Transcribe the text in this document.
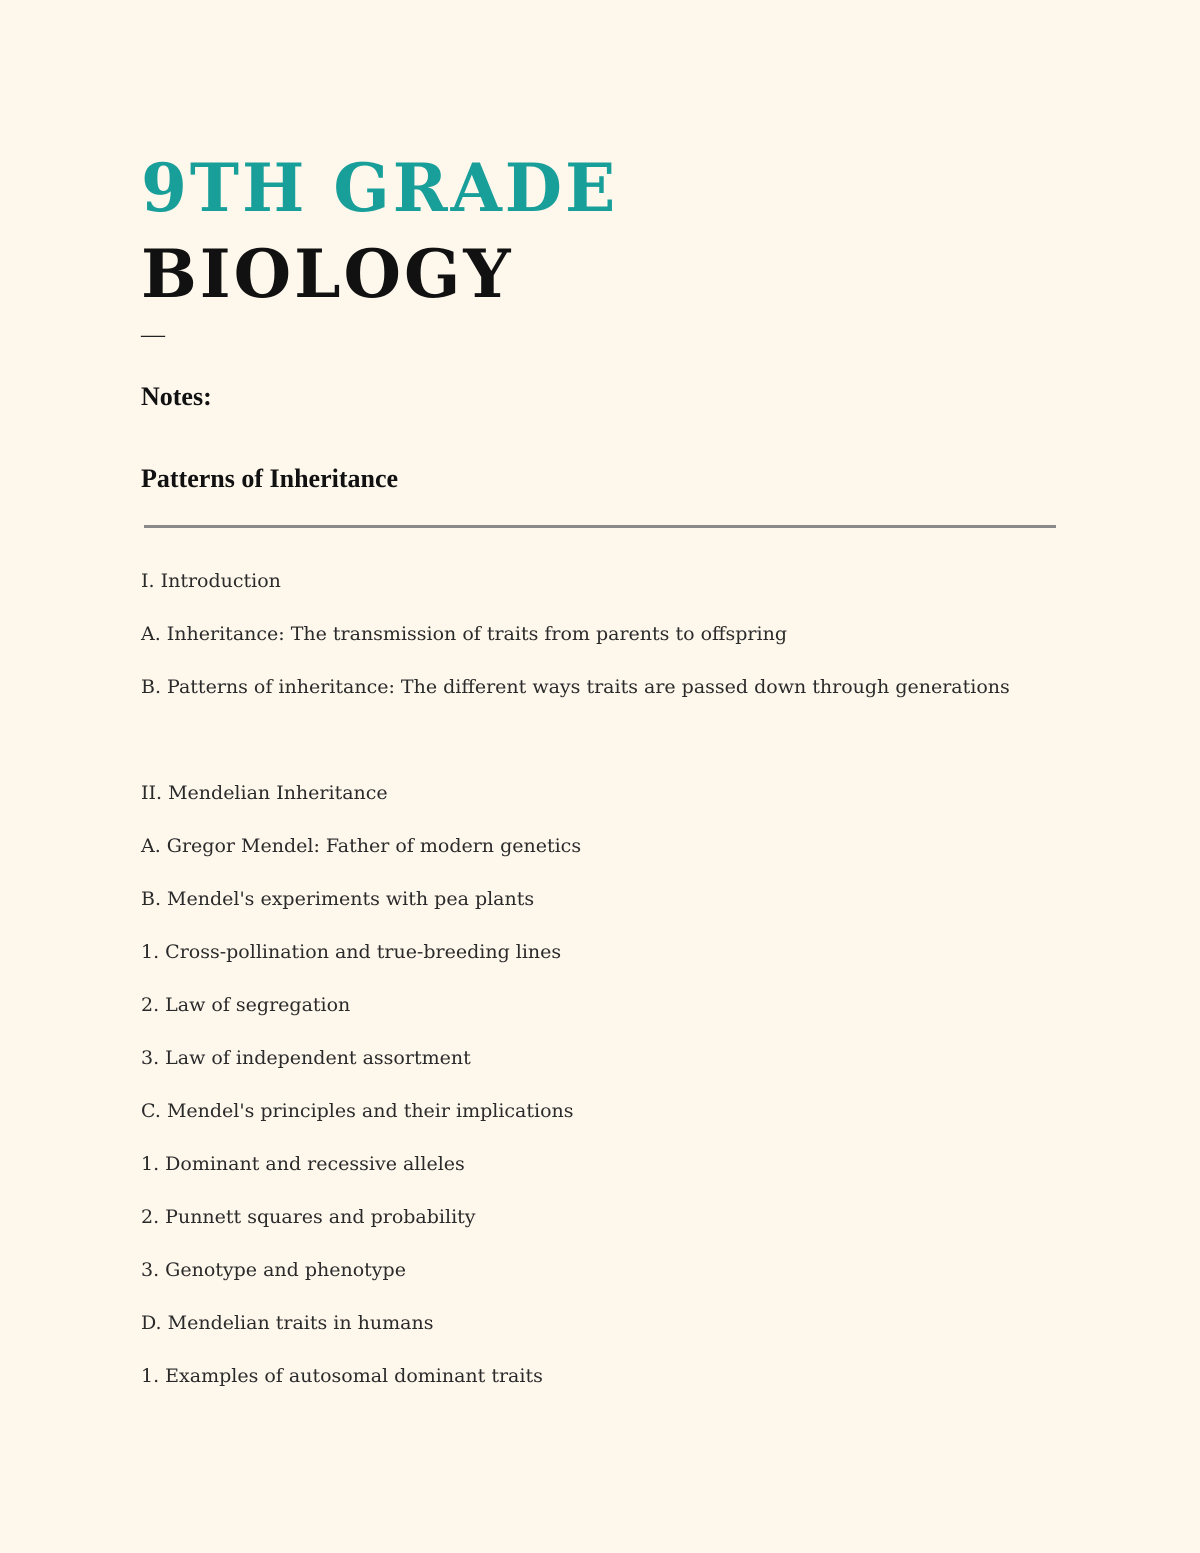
9TH GRADE
BIOLOGY
—
Notes:
Patterns of Inheritance
I. Introduction
A. Inheritance: The transmission of traits from parents to offspring
B. Patterns of inheritance: The different ways traits are passed down through generations
II. Mendelian Inheritance
A. Gregor Mendel: Father of modern genetics
B. Mendel's experiments with pea plants
1. Cross-pollination and true-breeding lines
2. Law of segregation
3. Law of independent assortment
C. Mendel's principles and their implications
1. Dominant and recessive alleles
2. Punnett squares and probability
3. Genotype and phenotype
D. Mendelian traits in humans
1. Examples of autosomal dominant traits
